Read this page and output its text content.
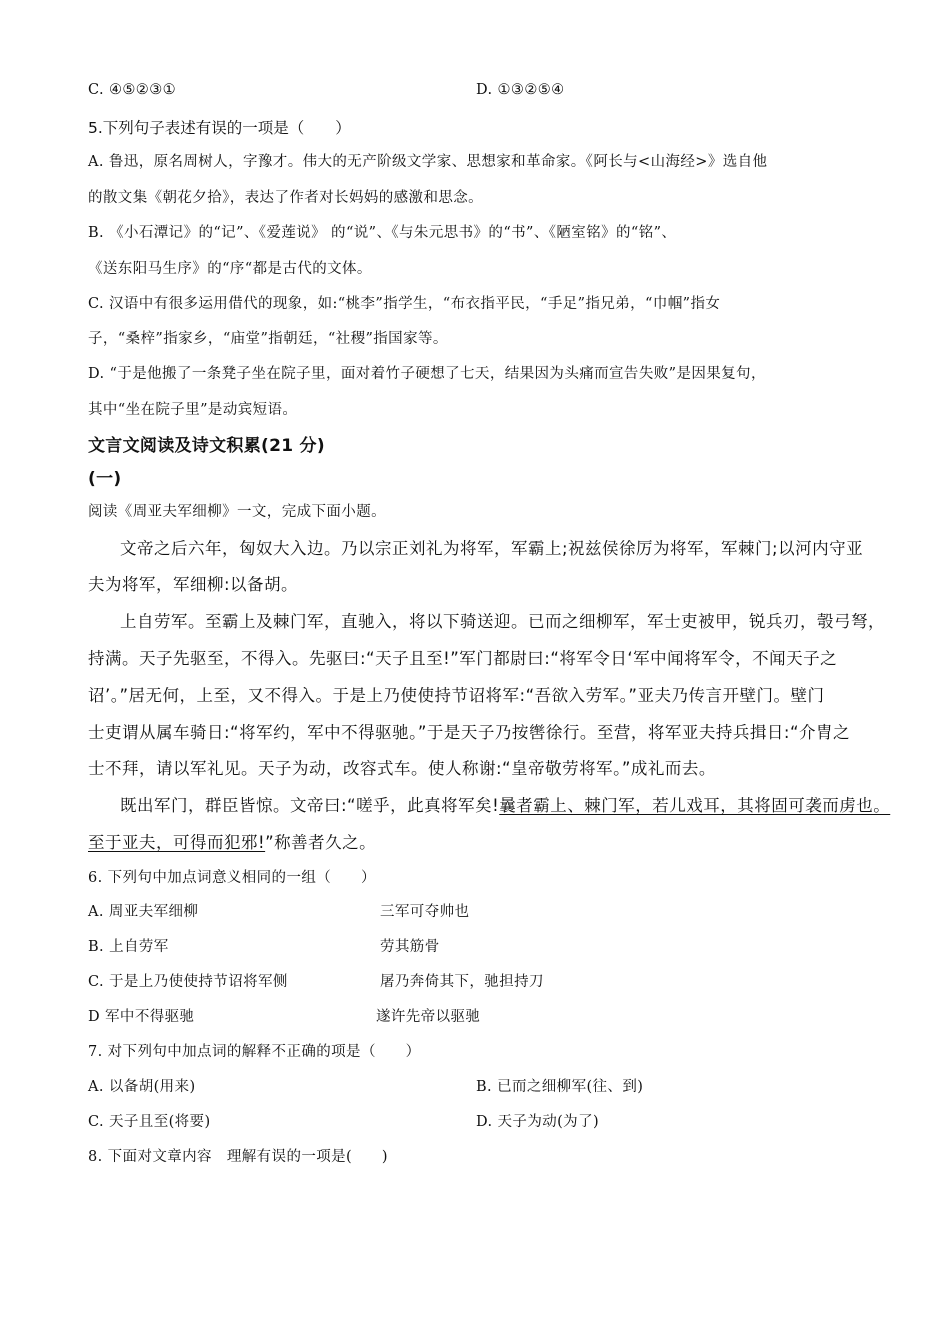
C. ④⑤②③①	D. ①③②⑤④
5.下列句子表述有误的一项是（　　）
A. 鲁迅，原名周树人，字豫才。伟大的无产阶级文学家、思想家和革命家。《阿长与<山海经>》选自他
的散文集《朝花夕拾》，表达了作者对长妈妈的感激和思念。
B. 《小石潭记》的“记”、《爱莲说》 的“说”、《与朱元思书》的“书”、《陋室铭》的“铭”、
《送东阳马生序》的“序“都是古代的文体。
C. 汉语中有很多运用借代的现象，如:“桃李”指学生，“布衣指平民，“手足”指兄弟，“巾帼”指女
子，“桑梓”指家乡，“庙堂”指朝廷，“社稷”指国家等。
D. “于是他搬了一条凳子坐在院子里，面对着竹子硬想了七天，结果因为头痛而宣告失败”是因果复句，
其中“坐在院子里”是动宾短语。
文言文阅读及诗文积累(21 分)
(一)
阅读《周亚夫军细柳》一文，完成下面小题。
文帝之后六年，匈奴大入边。乃以宗正刘礼为将军，军霸上;祝兹侯徐厉为将军，军棘门;以河内守亚
夫为将军，军细柳:以备胡。
上自劳军。至霸上及棘门军，直驰入，将以下骑送迎。已而之细柳军，军士吏被甲，锐兵刃，彀弓弩，
持满。天子先驱至，不得入。先驱曰:“天子且至!”军门都尉曰:“将军令日‘军中闻将军令，不闻天子之
诏’。”居无何，上至，又不得入。于是上乃使使持节诏将军:“吾欲入劳军。”亚夫乃传言开壁门。壁门
士吏谓从属车骑日:“将军约，军中不得驱驰。”于是天子乃按辔徐行。至营，将军亚夫持兵揖日:“介胄之
士不拜，请以军礼见。天子为动，改容式车。使人称谢:“皇帝敬劳将军。”成礼而去。
既出军门，群臣皆惊。文帝曰:“嗟乎，此真将军矣!曩者霸上、棘门军，若儿戏耳，其将固可袭而虏也。
至于亚夫，可得而犯邪!”称善者久之。
6. 下列句中加点词意义相同的一组（　　）
A. 周亚夫军细柳	三军可夺帅也
B. 上自劳军	劳其筋骨
C. 于是上乃使使持节诏将军侧	屠乃奔倚其下，驰担持刀
D 军中不得驱驰	遂许先帝以驱驰
7. 对下列句中加点词的解释不正确的项是（　　）
A. 以备胡(用来)	B. 已而之细柳军(往、到)
C. 天子且至(将要)	D. 天子为动(为了)
8. 下面对文章内容　理解有误的一项是(　　)
